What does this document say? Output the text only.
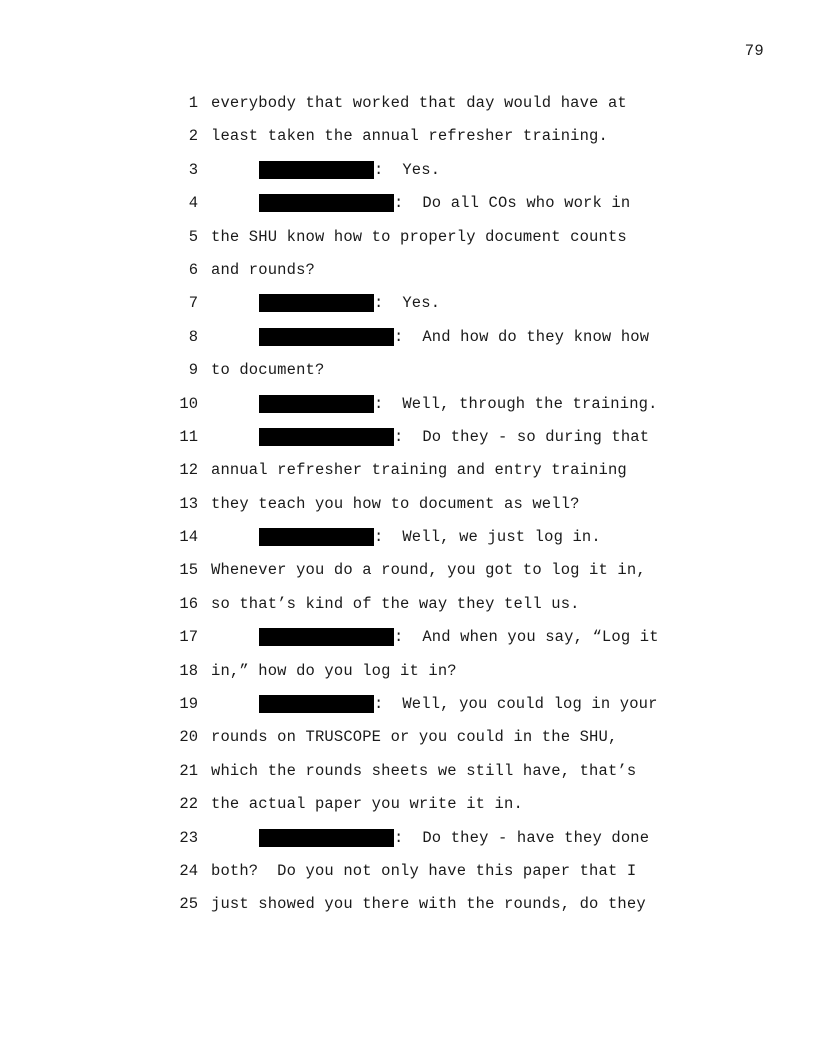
79
1 everybody that worked that day would have at
2 least taken the annual refresher training.
3	:  Yes.
4	:  Do all COs who work in
5 the SHU know how to properly document counts
6 and rounds?
7	:  Yes.
8	:  And how do they know how
9 to document?
10	:  Well, through the training.
11	:  Do they - so during that
12 annual refresher training and entry training
13 they teach you how to document as well?
14	:  Well, we just log in.
15 Whenever you do a round, you got to log it in,
16 so that’s kind of the way they tell us.
17	:  And when you say, “Log it
18 in,” how do you log it in?
19	:  Well, you could log in your
20 rounds on TRUSCOPE or you could in the SHU,
21 which the rounds sheets we still have, that’s
22 the actual paper you write it in.
23	:  Do they - have they done
24 both?  Do you not only have this paper that I
25 just showed you there with the rounds, do they
